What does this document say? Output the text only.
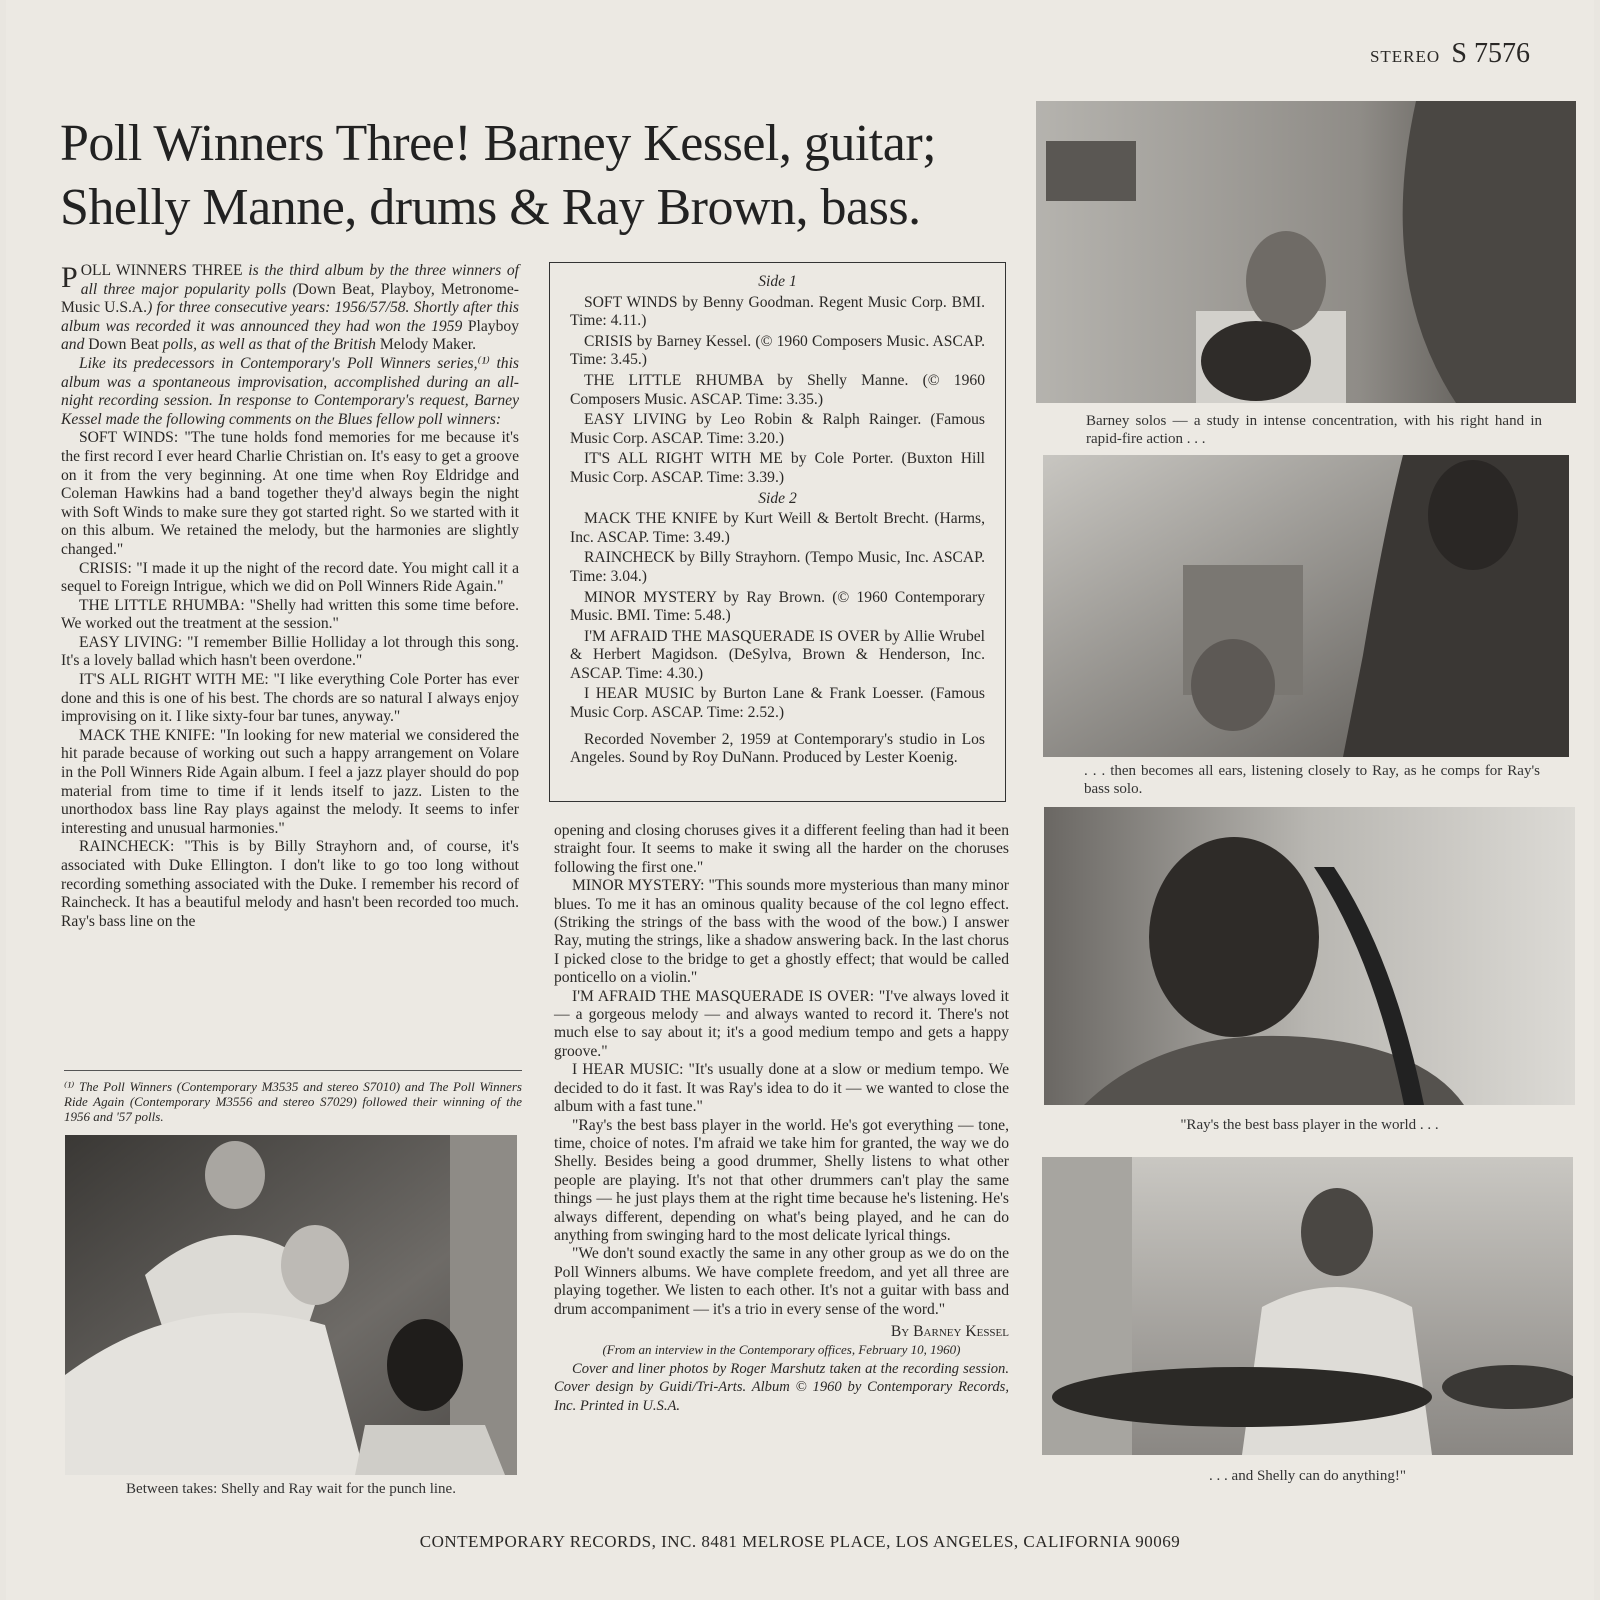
STEREO S 7576
Poll Winners Three! Barney Kessel, guitar;
Shelly Manne, drums & Ray Brown, bass.

POLL WINNERS THREE is the third album by the three winners of all three major popularity polls (Down Beat, Playboy, Metronome-Music U.S.A.) for three consecutive years: 1956/57/58. Shortly after this album was recorded it was announced they had won the 1959 Playboy and Down Beat polls, as well as that of the British Melody Maker.

Like its predecessors in Contemporary's Poll Winners series,⁽¹⁾ this album was a spontaneous improvisation, accomplished during an all-night recording session. In response to Contemporary's request, Barney Kessel made the following comments on the Blues fellow poll winners:

SOFT WINDS: "The tune holds fond memories for me because it's the first record I ever heard Charlie Christian on. It's easy to get a groove on it from the very beginning. At one time when Roy Eldridge and Coleman Hawkins had a band together they'd always begin the night with Soft Winds to make sure they got started right. So we started with it on this album. We retained the melody, but the harmonies are slightly changed."

CRISIS: "I made it up the night of the record date. You might call it a sequel to Foreign Intrigue, which we did on Poll Winners Ride Again."

THE LITTLE RHUMBA: "Shelly had written this some time before. We worked out the treatment at the session."

EASY LIVING: "I remember Billie Holliday a lot through this song. It's a lovely ballad which hasn't been overdone."

IT'S ALL RIGHT WITH ME: "I like everything Cole Porter has ever done and this is one of his best. The chords are so natural I always enjoy improvising on it. I like sixty-four bar tunes, anyway."

MACK THE KNIFE: "In looking for new material we considered the hit parade because of working out such a happy arrangement on Volare in the Poll Winners Ride Again album. I feel a jazz player should do pop material from time to time if it lends itself to jazz. Listen to the unorthodox bass line Ray plays against the melody. It seems to infer interesting and unusual harmonies."

RAINCHECK: "This is by Billy Strayhorn and, of course, it's associated with Duke Ellington. I don't like to go too long without recording something associated with the Duke. I remember his record of Raincheck. It has a beautiful melody and hasn't been recorded too much. Ray's bass line on the

⁽¹⁾ The Poll Winners (Contemporary M3535 and stereo S7010) and The Poll Winners Ride Again (Contemporary M3556 and stereo S7029) followed their winning of the 1956 and '57 polls.
Side 1

SOFT WINDS by Benny Goodman. Regent Music Corp. BMI. Time: 4.11.)

CRISIS by Barney Kessel. (© 1960 Composers Music. ASCAP. Time: 3.45.)

THE LITTLE RHUMBA by Shelly Manne. (© 1960 Composers Music. ASCAP. Time: 3.35.)

EASY LIVING by Leo Robin & Ralph Rainger. (Famous Music Corp. ASCAP. Time: 3.20.)

IT'S ALL RIGHT WITH ME by Cole Porter. (Buxton Hill Music Corp. ASCAP. Time: 3.39.)

Side 2

MACK THE KNIFE by Kurt Weill & Bertolt Brecht. (Harms, Inc. ASCAP. Time: 3.49.)

RAINCHECK by Billy Strayhorn. (Tempo Music, Inc. ASCAP. Time: 3.04.)

MINOR MYSTERY by Ray Brown. (© 1960 Contemporary Music. BMI. Time: 5.48.)

I'M AFRAID THE MASQUERADE IS OVER by Allie Wrubel & Herbert Magidson. (DeSylva, Brown & Henderson, Inc. ASCAP. Time: 4.30.)

I HEAR MUSIC by Burton Lane & Frank Loesser. (Famous Music Corp. ASCAP. Time: 2.52.)

Recorded November 2, 1959 at Contemporary's studio in Los Angeles. Sound by Roy DuNann. Produced by Lester Koenig.

opening and closing choruses gives it a different feeling than had it been straight four. It seems to make it swing all the harder on the choruses following the first one."

MINOR MYSTERY: "This sounds more mysterious than many minor blues. To me it has an ominous quality because of the col legno effect. (Striking the strings of the bass with the wood of the bow.) I answer Ray, muting the strings, like a shadow answering back. In the last chorus I picked close to the bridge to get a ghostly effect; that would be called ponticello on a violin."

I'M AFRAID THE MASQUERADE IS OVER: "I've always loved it — a gorgeous melody — and always wanted to record it. There's not much else to say about it; it's a good medium tempo and gets a happy groove."

I HEAR MUSIC: "It's usually done at a slow or medium tempo. We decided to do it fast. It was Ray's idea to do it — we wanted to close the album with a fast tune."

"Ray's the best bass player in the world. He's got everything — tone, time, choice of notes. I'm afraid we take him for granted, the way we do Shelly. Besides being a good drummer, Shelly listens to what other people are playing. It's not that other drummers can't play the same things — he just plays them at the right time because he's listening. He's always different, depending on what's being played, and he can do anything from swinging hard to the most delicate lyrical things.

"We don't sound exactly the same in any other group as we do on the Poll Winners albums. We have complete freedom, and yet all three are playing together. We listen to each other. It's not a guitar with bass and drum accompaniment — it's a trio in every sense of the word."

By Barney Kessel

(From an interview in the Contemporary offices, February 10, 1960)

Cover and liner photos by Roger Marshutz taken at the recording session. Cover design by Guidi/Tri-Arts. Album © 1960 by Contemporary Records, Inc. Printed in U.S.A.

Barney solos — a study in intense concentration, with his right hand in rapid-fire action . . .
. . . then becomes all ears, listening closely to Ray, as he comps for Ray's bass solo.
"Ray's the best bass player in the world . . .
. . . and Shelly can do anything!"
Between takes: Shelly and Ray wait for the punch line.
CONTEMPORARY RECORDS, INC. 8481 MELROSE PLACE, LOS ANGELES, CALIFORNIA 90069
